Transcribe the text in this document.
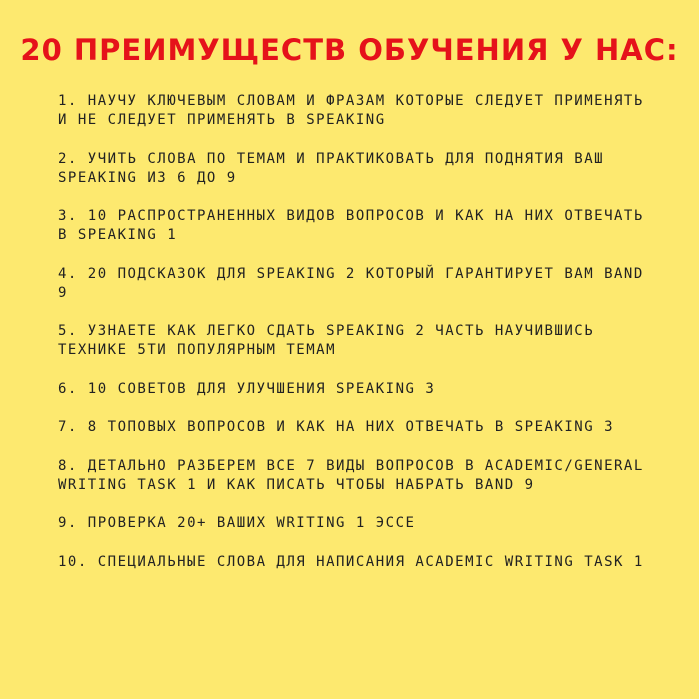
20 ПРЕИМУЩЕСТВ ОБУЧЕНИЯ У НАС:
1. НАУЧУ КЛЮЧЕВЫМ СЛОВАМ И ФРАЗАМ КОТОРЫЕ СЛЕДУЕТ ПРИМЕНЯТЬ И НЕ СЛЕДУЕТ ПРИМЕНЯТЬ В SPEAKING
2. УЧИТЬ СЛОВА ПО ТЕМАМ И ПРАКТИКОВАТЬ ДЛЯ ПОДНЯТИЯ ВАШ SPEAKING ИЗ 6 ДО 9
3. 10 РАСПРОСТРАНЕННЫХ ВИДОВ ВОПРОСОВ И КАК НА НИХ ОТВЕЧАТЬ В SPEAKING 1
4. 20 ПОДСКАЗОК ДЛЯ SPEAKING 2 КОТОРЫЙ ГАРАНТИРУЕТ ВАМ BAND 9
5. УЗНАЕТЕ КАК ЛЕГКО СДАТЬ SPEAKING 2 ЧАСТЬ НАУЧИВШИСЬ ТЕХНИКЕ 5ТИ ПОПУЛЯРНЫМ ТЕМАМ
6. 10 СОВЕТОВ ДЛЯ УЛУЧШЕНИЯ SPEAKING 3
7. 8 ТОПОВЫХ ВОПРОСОВ И КАК НА НИХ ОТВЕЧАТЬ В SPEAKING 3
8. ДЕТАЛЬНО РАЗБЕРЕМ ВСЕ 7 ВИДЫ ВОПРОСОВ В ACADEMIC/GENERAL WRITING TASK 1 И КАК ПИСАТЬ ЧТОБЫ НАБРАТЬ BAND 9
9. ПРОВЕРКА 20+ ВАШИХ WRITING 1 ЭССЕ
10. СПЕЦИАЛЬНЫЕ СЛОВА ДЛЯ НАПИСАНИЯ ACADEMIC WRITING TASK 1
